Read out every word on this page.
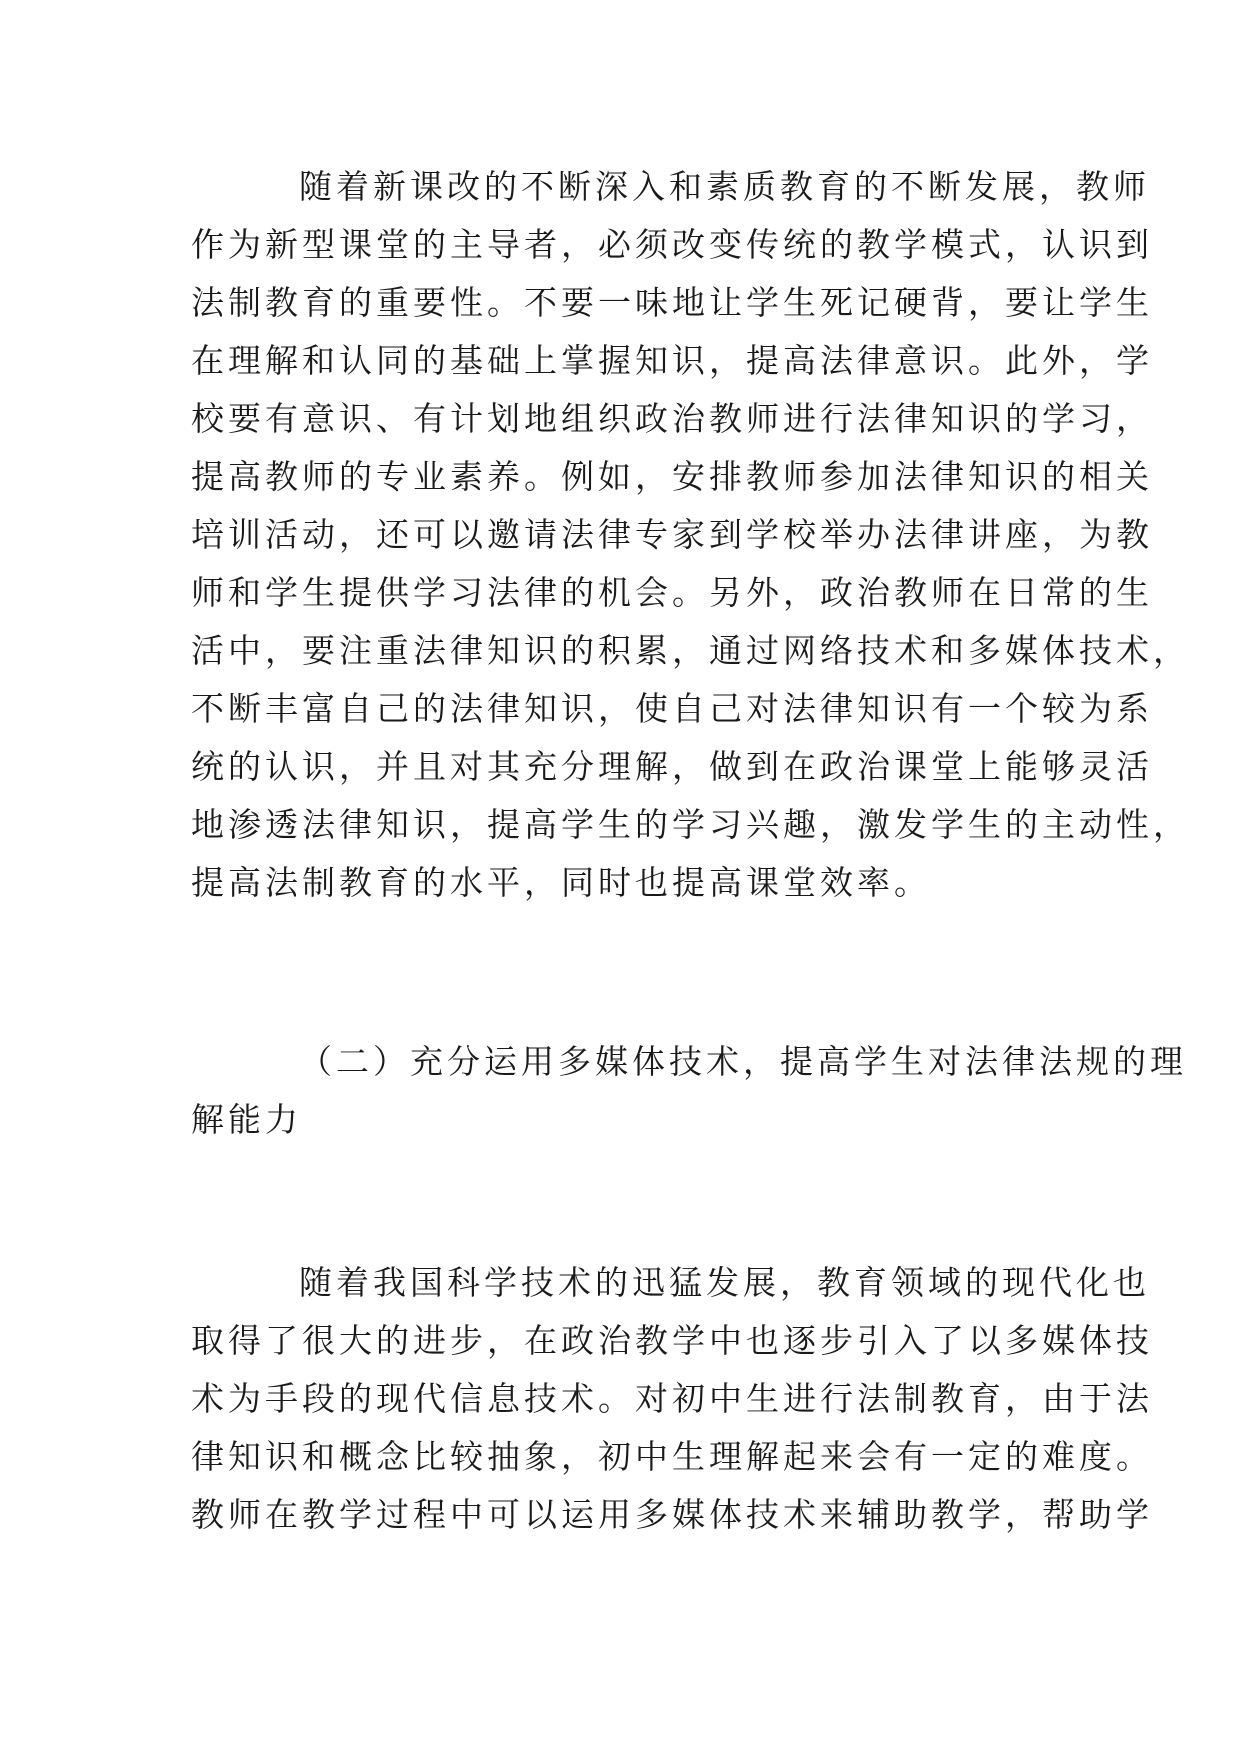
随着新课改的不断深入和素质教育的不断发展，教师
作为新型课堂的主导者，必须改变传统的教学模式，认识到
法制教育的重要性。不要一味地让学生死记硬背，要让学生
在理解和认同的基础上掌握知识，提高法律意识。此外，学
校要有意识、有计划地组织政治教师进行法律知识的学习，
提高教师的专业素养。例如，安排教师参加法律知识的相关
培训活动，还可以邀请法律专家到学校举办法律讲座，为教
师和学生提供学习法律的机会。另外，政治教师在日常的生
活中，要注重法律知识的积累，通过网络技术和多媒体技术，
不断丰富自己的法律知识，使自己对法律知识有一个较为系
统的认识，并且对其充分理解，做到在政治课堂上能够灵活
地渗透法律知识，提高学生的学习兴趣，激发学生的主动性，
提高法制教育的水平，同时也提高课堂效率。
（二）充分运用多媒体技术，提高学生对法律法规的理
解能力
随着我国科学技术的迅猛发展，教育领域的现代化也
取得了很大的进步，在政治教学中也逐步引入了以多媒体技
术为手段的现代信息技术。对初中生进行法制教育，由于法
律知识和概念比较抽象，初中生理解起来会有一定的难度。
教师在教学过程中可以运用多媒体技术来辅助教学，帮助学
